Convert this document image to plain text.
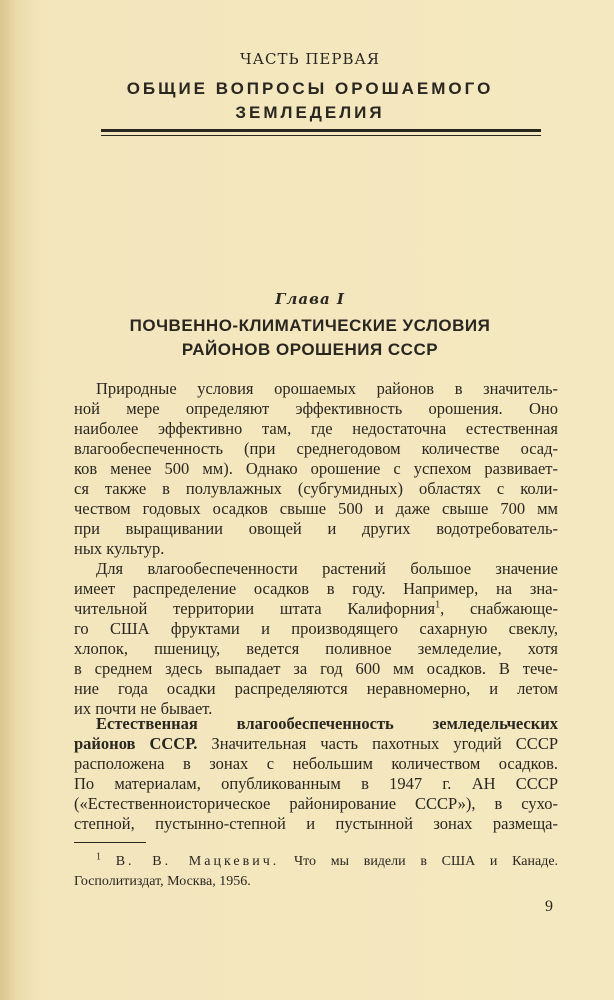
ЧАСТЬ ПЕРВАЯ
ОБЩИЕ ВОПРОСЫ ОРОШАЕМОГО
ЗЕМЛЕДЕЛИЯ
Глава I
ПОЧВЕННО-КЛИМАТИЧЕСКИЕ УСЛОВИЯ
РАЙОНОВ ОРОШЕНИЯ СССР
Природные условия орошаемых районов в значитель-
ной мере определяют эффективность орошения. Оно
наиболее эффективно там, где недостаточна естественная
влагообеспеченность (при среднегодовом количестве осад-
ков менее 500 мм). Однако орошение с успехом развивает-
ся также в полувлажных (субгумидных) областях с коли-
чеством годовых осадков свыше 500 и даже свыше 700 мм
при выращивании овощей и других водотребователь-
ных культур.
Для влагообеспеченности растений большое значение
имеет распределение осадков в году. Например, на зна-
чительной территории штата Калифорния$^1$, снабжающе-
го США фруктами и производящего сахарную свеклу,
хлопок, пшеницу, ведется поливное земледелие, хотя
в среднем здесь выпадает за год 600 мм осадков. В тече-
ние года осадки распределяются неравномерно, и летом
их почти не бывает.
Естественная влагообеспеченность земледельческих
районов СССР. Значительная часть пахотных угодий СССР
расположена в зонах с небольшим количеством осадков.
По материалам, опубликованным в 1947 г. АН СССР
(«Естественноисторическое районирование СССР»), в сухо-
степной, пустынно-степной и пустынной зонах размеща-
$^1$ В. В. Мацкевич. Что мы видели в США и Канаде.
Госполитиздат, Москва, 1956.
9
